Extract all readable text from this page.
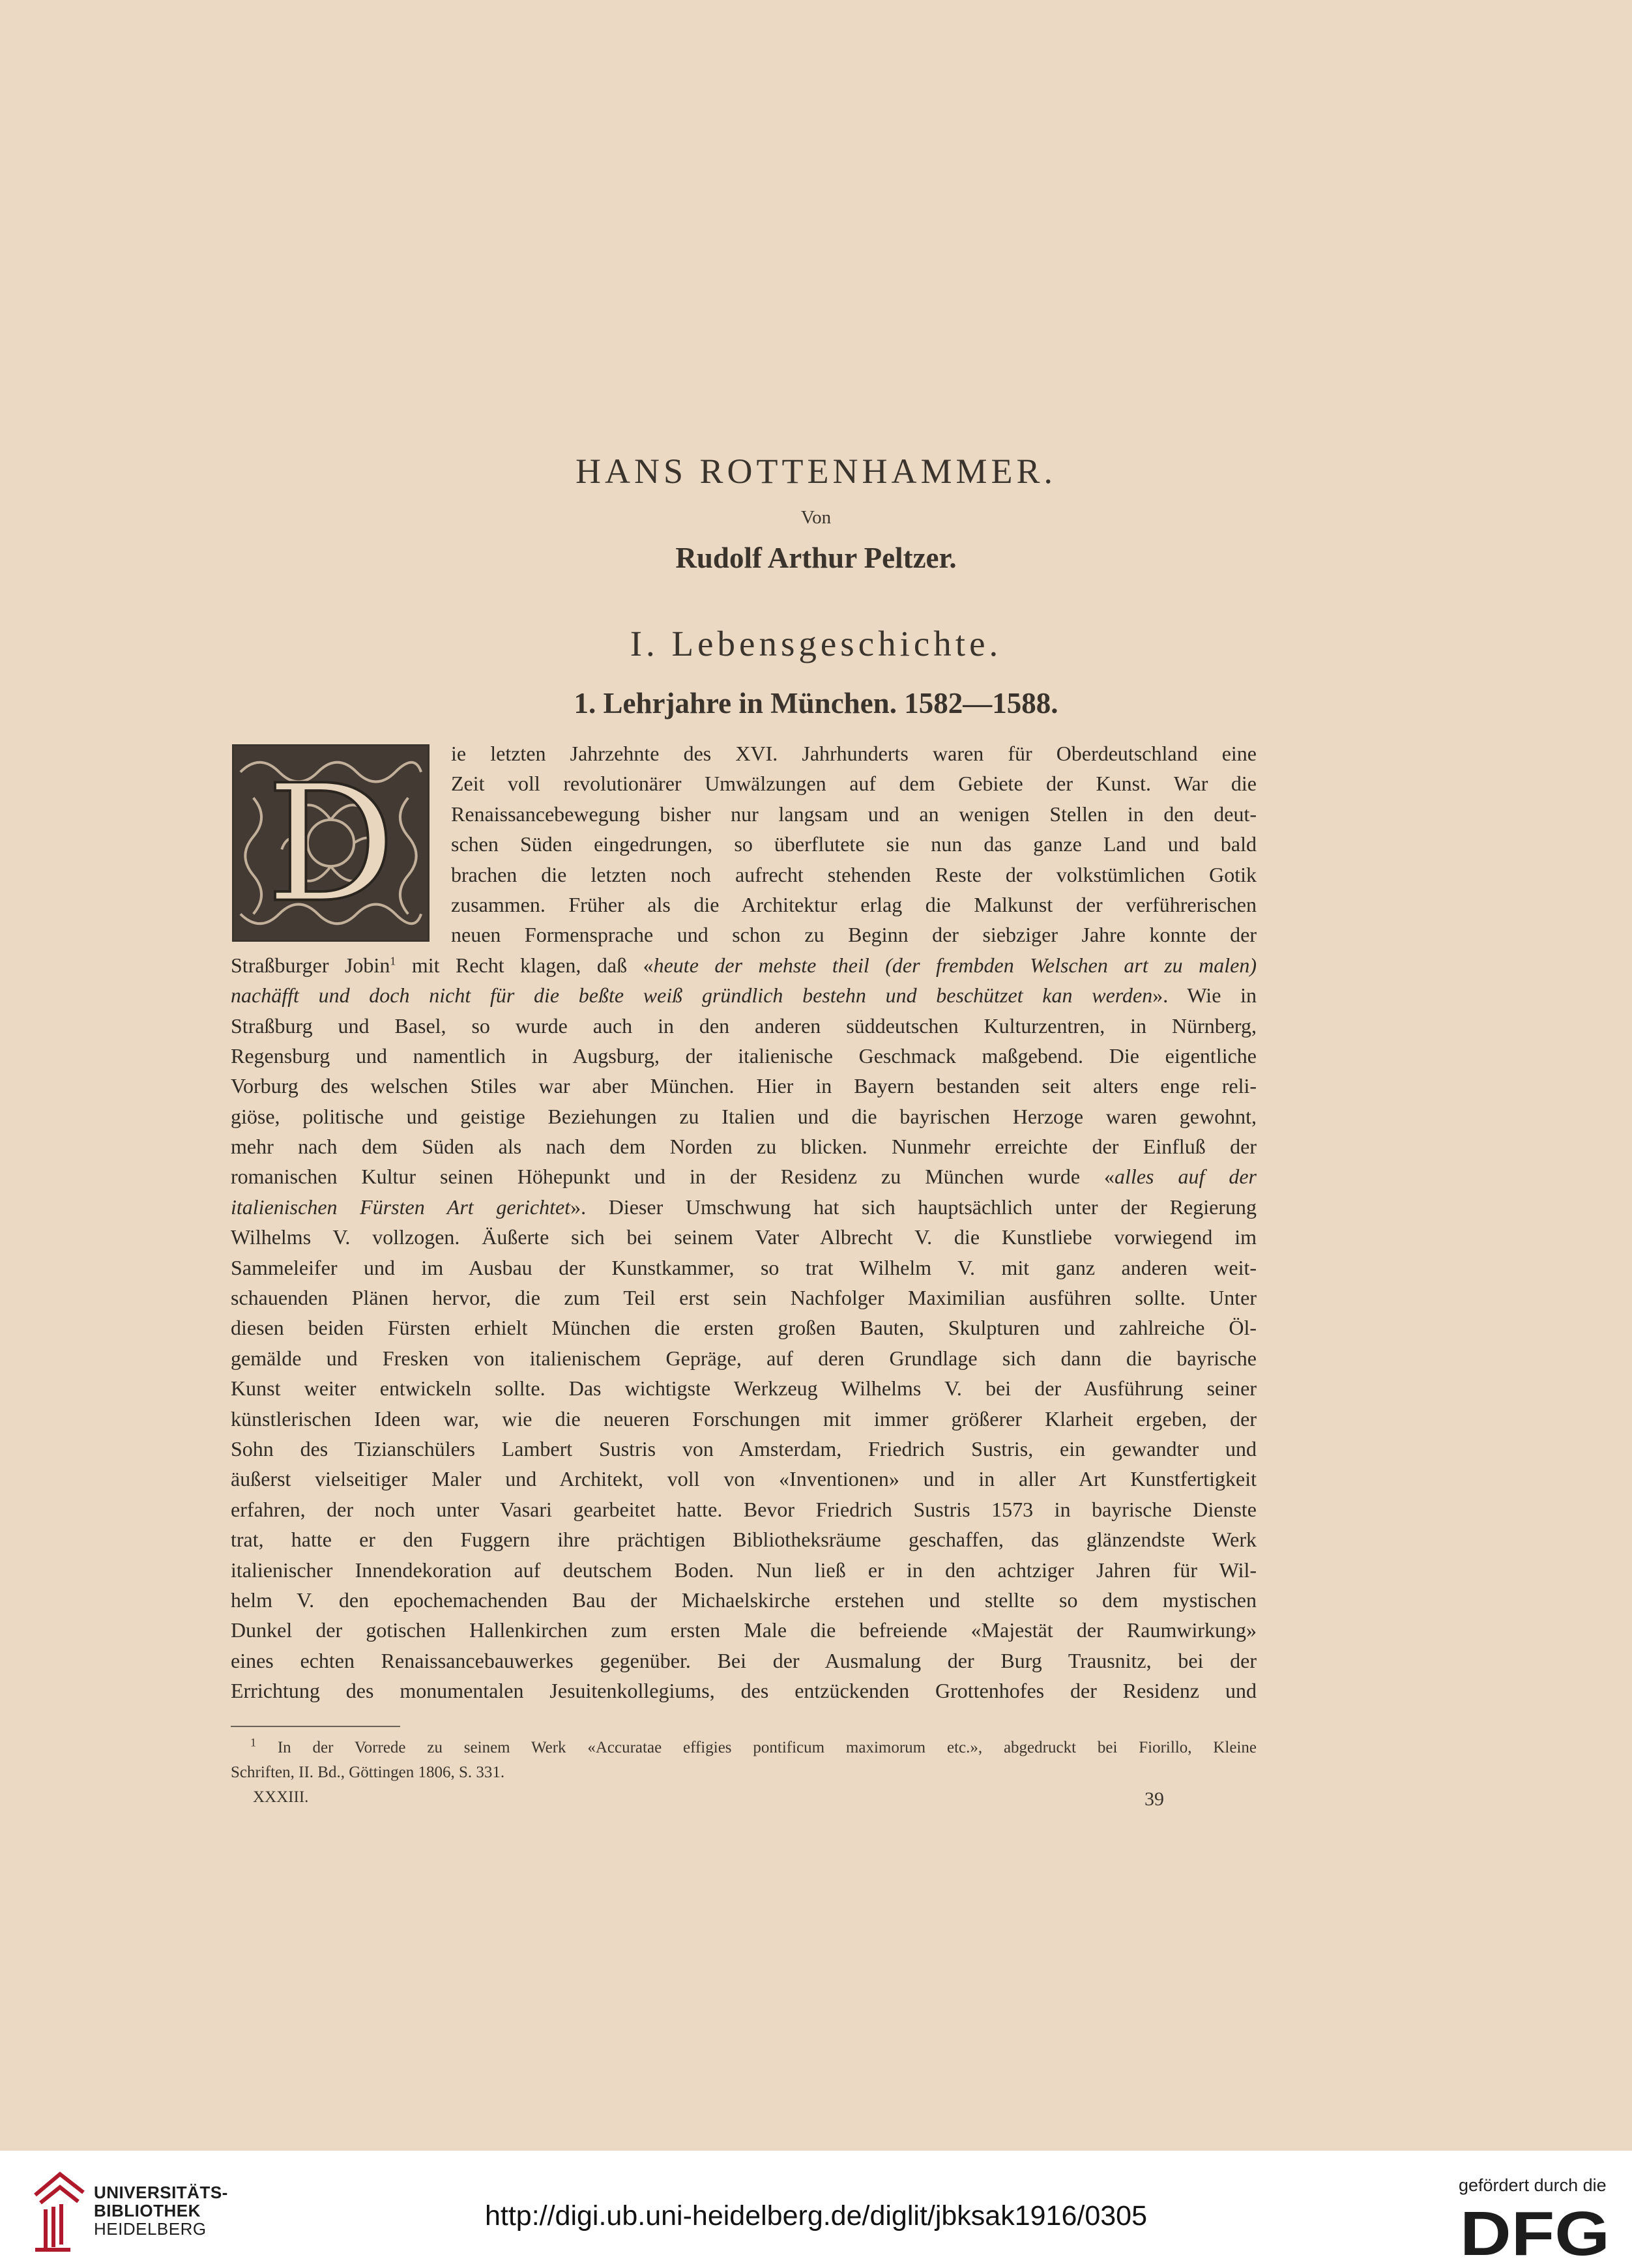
HANS ROTTENHAMMER.
Von
Rudolf Arthur Peltzer.
I. Lebensgeschichte.
1. Lehrjahre in München. 1582—1588.
D	ie letzten Jahrzehnte des XVI. Jahrhunderts waren für Oberdeutschland eine
Zeit voll revolutionärer Umwälzungen auf dem Gebiete der Kunst. War die
Renaissancebewegung bisher nur langsam und an wenigen Stellen in den deut-
schen Süden eingedrungen, so überflutete sie nun das ganze Land und bald
brachen die letzten noch aufrecht stehenden Reste der volkstümlichen Gotik
zusammen. Früher als die Architektur erlag die Malkunst der verführerischen
neuen Formensprache und schon zu Beginn der siebziger Jahre konnte der
Straßburger Jobin$^1$ mit Recht klagen, daß «heute der mehste theil (der frembden Welschen art zu malen)
nachäfft und doch nicht für die beßte weiß gründlich bestehn und beschützet kan werden». Wie in
Straßburg und Basel, so wurde auch in den anderen süddeutschen Kulturzentren, in Nürnberg,
Regensburg und namentlich in Augsburg, der italienische Geschmack maßgebend. Die eigentliche
Vorburg des welschen Stiles war aber München. Hier in Bayern bestanden seit alters enge reli-
giöse, politische und geistige Beziehungen zu Italien und die bayrischen Herzoge waren gewohnt,
mehr nach dem Süden als nach dem Norden zu blicken. Nunmehr erreichte der Einfluß der
romanischen Kultur seinen Höhepunkt und in der Residenz zu München wurde «alles auf der
italienischen Fürsten Art gerichtet». Dieser Umschwung hat sich hauptsächlich unter der Regierung
Wilhelms V. vollzogen. Äußerte sich bei seinem Vater Albrecht V. die Kunstliebe vorwiegend im
Sammeleifer und im Ausbau der Kunstkammer, so trat Wilhelm V. mit ganz anderen weit-
schauenden Plänen hervor, die zum Teil erst sein Nachfolger Maximilian ausführen sollte. Unter
diesen beiden Fürsten erhielt München die ersten großen Bauten, Skulpturen und zahlreiche Öl-
gemälde und Fresken von italienischem Gepräge, auf deren Grundlage sich dann die bayrische
Kunst weiter entwickeln sollte. Das wichtigste Werkzeug Wilhelms V. bei der Ausführung seiner
künstlerischen Ideen war, wie die neueren Forschungen mit immer größerer Klarheit ergeben, der
Sohn des Tizianschülers Lambert Sustris von Amsterdam, Friedrich Sustris, ein gewandter und
äußerst vielseitiger Maler und Architekt, voll von «Inventionen» und in aller Art Kunstfertigkeit
erfahren, der noch unter Vasari gearbeitet hatte. Bevor Friedrich Sustris 1573 in bayrische Dienste
trat, hatte er den Fuggern ihre prächtigen Bibliotheksräume geschaffen, das glänzendste Werk
italienischer Innendekoration auf deutschem Boden. Nun ließ er in den achtziger Jahren für Wil-
helm V. den epochemachenden Bau der Michaelskirche erstehen und stellte so dem mystischen
Dunkel der gotischen Hallenkirchen zum ersten Male die befreiende «Majestät der Raumwirkung»
eines echten Renaissancebauwerkes gegenüber. Bei der Ausmalung der Burg Trausnitz, bei der
Errichtung des monumentalen Jesuitenkollegiums, des entzückenden Grottenhofes der Residenz und
$^1$ In der Vorrede zu seinem Werk «Accuratae effigies pontificum maximorum etc.», abgedruckt bei Fiorillo, Kleine
Schriften, II. Bd., Göttingen 1806, S. 331.
XXXIII.	39
UNIVERSITÄTS-
BIBLIOTHEK
HEIDELBERG	http://digi.ub.uni-heidelberg.de/diglit/jbksak1916/0305
gefördert durch die
DFG
